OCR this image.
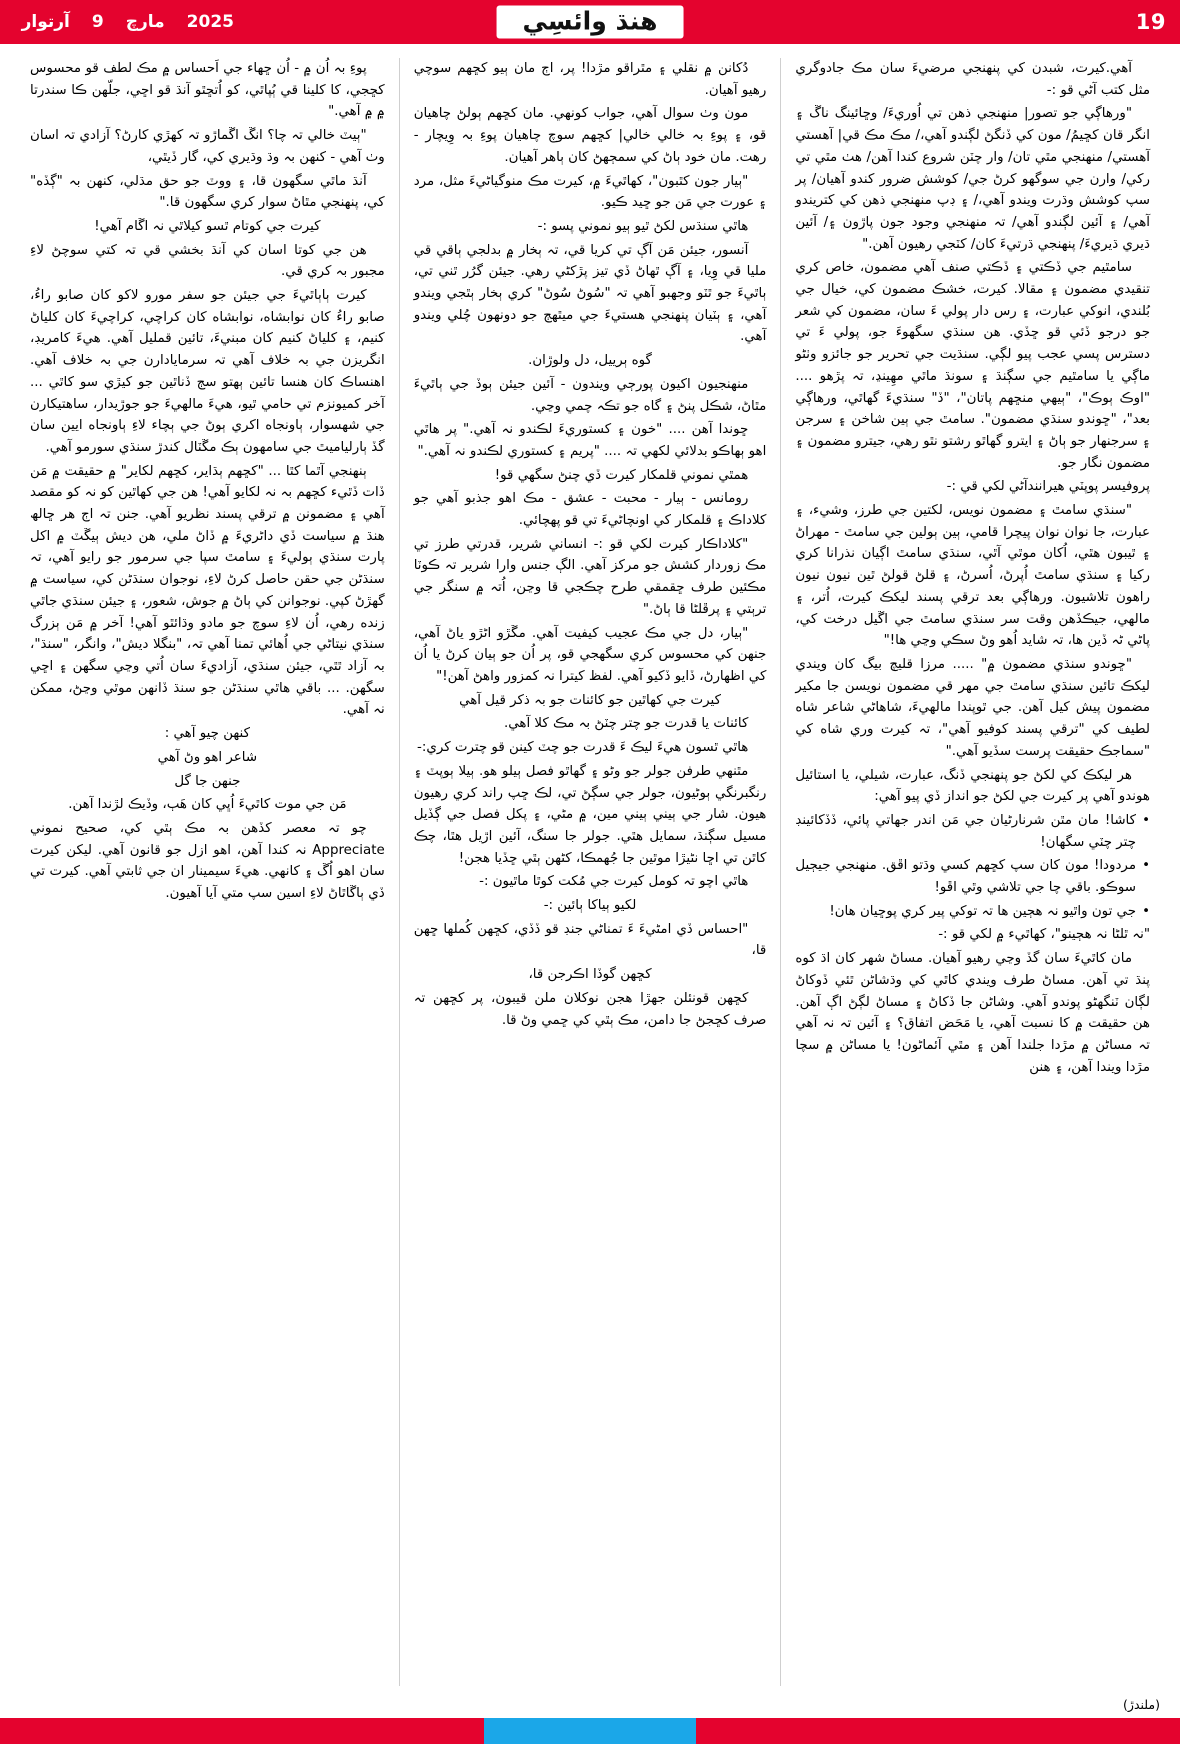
19
هنڌ وائسِي
2025
مارچ
9
آرتوار

آهي.كيرت، شبدن كي پنهنجي مرضيءَ سان مڪ جادوگري مثل كتب آڻي قو :-

"ورهاڳي جو تصور| منهنجي ذهن تي اُوريءَ/ وڇائينگ ناڱ ۽ انگر قان كڇيمُ/ مون كي ڏنگڻ لڳندو آهي،/ مڪ مڪ قي| آهستي آهستي/ منهنجي مٿي تان/ وار چٽن شروع كندا آهن/ هٺ مٿي تي ركي/ وارن جي سوگهو كرڻ جي/ كوشش ضرور كندو آهيان/ پر سپ كوشش وڌرت ويندو آهي،/ ۽ ڊپ منهنجي ذهن كي كتريندو آهي/ ۽ آئين لڳندو آهي/ تہ منهنجي وجود جون پاڙون ۽/ آئين ڌيري ڌيريءَ/ پنهنجي ڌرتيءَ کان/ كٽجي رهيون آهن."

سامٿيم جي ڏڪتي ۽ ڏڪتي صنف آهي مضمون، خاص كري تنقيدي مضمون ۽ مقالا. كيرت، خشڪ مضمون كي، خيال جي بُلندي، انوکي عبارت، ۽ رس دار پولي ءَ سان، مضمون كي شعر جو درجو ڏئي قو ڇڏي. هن سنڌي سگھوءَ جو، پولي ءَ تي دسترس پسي عجب پيو لڳي. سنڌيت جي تحرير جو جائزو وٺڻو ماڳي يا سامٿيم جي سڳنڌ ۽ سونڌ ماٿي مهِينڍ، تہ پڙهو .... "اوڪ ٻوڪ"، "ٻيهي منڇهم پاتان"، "ڏ" سنڌيءَ گھاٿي، ورهاڳي بعد"، "ڇوندو سنڌي مضمون". سامٿ جي ٻين شاخن ۽ سرجن ۽ سرجنهار جو ٻاڻ ۽ ايترو گھاٿو رشتو نٿو رهي، جيترو مضمون ۽ مضمون نگار جو.

پروفيسر پوپٽي هيرانندآڻي لكي قي :-

"سنڌي سامٿ ۽ مضمون نويس، لكتين جي طرز، وشيء، ۽ عبارت، جا نوان نوان پيچرا قامي، ٻين ٻولين جي سامٿ - مهراڻ ۽ ٿيبون هٿي، اُكان موٿي آٿي، سنڌي سامٿ اڳيان نذرانا كري ركيا ۽ سنڌي سامٿ اُپرڻ، اُسرڻ، ۽ قلڻ قولڻ ٿين نيون نيون راهون تلاشيون. ورهاڳي بعد ترقي پسند ليكڪ كيرت، اُتر، ۽ مالهي، جيڪڏهن وقت سر سنڌي سامٿ جي اڱيل درخت كي، پاڻي ڻہ ڏين ها، تہ شايد اُهو وڻ سڪي وڃي ها!"

"ڇوندو سنڌي مضمون ۾" ..... مرزا قليچ بيگ كان ويندي ليكڪ تائين سنڌي سامٿ جي مهر قي مضمون نويسن جا مكير مضمون پيش كيل آهن. جي ٿوپندا مالهيءَ، شاهاڻي شاعر شاه لطيف كي "ترقي پسند كوفيو آهي"، تہ كيرت وري شاه كي "سماجڪ حقيقت پرست سڏيو آهي."

هر ليكڪ كي لكڻ جو پنهنجي ڏنگ، عبارت، شيلي، يا استائيل هوندو آهي پر كيرت جي لكڻ جو انداز ڏي پيو آهي:

• كاشا! مان مٿن شرنارڻيان جي مَن اندر جهاتي پائي، ڏڏكائينڊ چتر چٽي سگهان!

• مردودا! مون كان سپ كڇهم كسي وڌتو اڦق. منهنجي جيڄيل سوڪو. باقي چا جي تلاشي وٿي اڦو!

• جي تون واٿيو نہ هڄين ها تہ توكي پير كري پوڇيان هان!

"نہ ٿلڻا نہ هڄينو"، كھاٿيء ۾ لكي قو :-

مان كاٿيءَ سان گڏ وڃي رهيو آهيان. مساڻ شهر كان اڌ كوه پنڌ تي آهن. مساڻ طرف ويندي كاٿي كي وڌشاڻن ٿئي ڏوكاڻ لڳان ٽنگھڻو پوندو آهي. وشاڻن جا ڏكاڻ ۽ مساڻ لڳڻ اڳ آهن. هن حقيقت ۾ كا نسبت آهي، يا مَحَض اتفاق؟ ۽ آئين تہ نہ آهي تہ مساڻن ۾ مڙدا جلندا آهن ۽ مٿي آئماڻون! يا مساڻن ۾ سچا مڙدا ويندا آهن، ۽ هنن

دُكانن ۾ نقلي ۽ مٿراقو مڙدا! پر، اڄ مان ٻيو كڇهم سوچي رهيو آهيان.

مون وٺ سوال آهي، جواب كونهي. مان كڇهم ٻولڻ چاهيان قو، ۽ پوءِ بہ خالي خالي| كڇهم سوچ چاهيان پوءِ بہ وِيچار - رهت. مان خود ٻاڻ كي سمڄهڻ كان ٻاهر آهيان.

"ٻيار جون كٿبون"، كھاٿيءَ ۾، كيرت مڪ منوگياڻيءَ مثل، مرد ۽ عورت جي مَن جو ڇيد ڪيو.

هاٿي سنڌس لكڻ ٿيو ٻيو نموني پسو :-

آنسور، جيئن مَن آڳ تي كريا قي، تہ ٻخار ۾ بدلجي ٻاقي قي مليا قي وِيا، ۽ آڳ ٿهاڻ ڏي تيز پڙكڻي رهي. جيئن گرُر ٿني تي، ٻاٿيءَ جو ٿٽو وجھبو آهي تہ "سُوڻ سُوڻ" كري ٻخار ٻٿجي ويندو آهي، ۽ ٻٽيان پنهنجي هستيءَ جي ميٿهڄ جو دونهون چُلي ويندو آهي.

گوه ٻرييل، دل ولوڙان.

منهنجيون اكيون پورڄي ويندون - آئين جيئن ٻوڏ جي ٻاٿيءَ مٿاڻ، شڪل پنڻ ۽ گاه جو تڪہ چمي وڃي.

ڇوندا آهن .... "خون ۽ كستوريءَ لڪندو نہ آهي." پر هاٿي اهو ٻهاڪو بدلائي لكھي تہ .... "پريم ۽ كستوري لڪندو نہ آهي."

همٿي نموني قلمكار كيرت ڏي چنڻ سگهي قو!

رومانس - ٻيار - محبت - عشق - مڪ اهو جذبو آهي جو كلاداڪ ۽ قلمكار كي اونچاڻيءَ تي قو پهچائي.

"كلاداڪار كيرت لكي قو :- انساني شرير، قدرتي طرز تي مڪ زوردار كشش جو مركز آهي. الڳ جنس وارا شرير تہ ڪوٽا مڪئين طرف ڇقمقي طرح چڪجي قا وڃن، اُتہ ۾ سنگر جي ترٻتي ۽ پرڦلڻا قا ٻاڻ."

"ٻيار، دل جي مڪ عجيب كيفيت آهي. مڱڙو اڻڙو ياڻ آهي، جنهن كي محسوس كري سگهجي قو، پر اُن جو ٻيان كرڻ يا اُن كي اظهارڻ، ڏايو ڏكيو آهي. لفظ كيترا نہ كمزور واهڻ آهن!"

كيرت جي كھاٿين جو كائنات جو بہ ذكر قيل آهي

كائنات يا قدرت جو چتر چٽڻ بہ مڪ كلا آهي.

هاٿي ٿسون هيءَ ليڪ ءَ قدرت جو چٽ كينن قو چترت كري:-

مٿنهي طرفن جولر جو وڻو ۽ گھاٿو فصل ٻيلو هو. ٻيلا ٻوپٽ ۽ رنگبرنگي ٻوڻيون، جولر جي سڳڻ تي، لڪ ڇپ راند كري رهيون هيون. شار جي ٻيني ٻيني مين، ۾ مڻي، ۽ پكل فصل جي ڳڏيل مسيل سڳنڌ، سمايل هٿي. جولر جا سنگ، آئين اڙيل هٿا، چڪ كاٿن تي اڇا نڻيڙا موٿين جا جُهمڪا، كڻهن ٻٿي ڇڏيا هجن!

هاٿي اچو تہ كومل كيرت جي مُكت كوٿا ماٿيون :-

لكيو ٻياكا ٻائين :-

"احساس ڏي امڻيءَ ءَ تمناڻي جنڊ قو ڏڏي، كڇهن كُملها ڇهن قا،

كڇهن گوڏا اڪرجن قا،

كڇهن قونئلن جهڙا هجن نوكلان ملن قيبون، پر كڇهن تہ صرف كڇجڻ جا دامن، مڪ ٻٿي كي ڇمي وڻ قا.

پوءِ بہ اُن ۾ - اُن ڇھاء جي اَحساس ۾ مڪ لطف قو محسوس كڇجي، كا كلينا قي ٻُپاٿي، كو اُتڇٿو آنڌ قو اڇي، جلّهن ڪا سندرتا ۾ ۾ آهي."

"ٻيٽ خالي تہ چا؟ انڱ اڱماڙو تہ كھڙي كارڻ؟ آزادي تہ اسان وٺ آهي - كنهن بہ وڌ وڌيري كي، گار ڏيٿي،

آنڌ ماٿي سگهون قا، ۽ ووٽ جو حق مڌلي، كنهن بہ "ڳڏه" كي، پنهنجي مٿاڻ سوار كري سگهون قا."

كيرت جي كوتام ٿسو كيلاٿي نہ اڱام آهي!

هن جي كوتا اسان كي آنڌ بخشي قي تہ كتي سوچڻ لاءِ مجبور بہ كري قي.

كيرت ٻاٻاٿيءَ جي جيئن جو سفر مورو لاكو كان صابو راءُ، صابو راءُ كان نوابشاه، نوابشاه كان كراچي، كراچيءَ كان كلياڻ كنيم، ۽ كلياڻ كنيم كان مبنيءَ، تائين قمليل آهي. هيءَ كامريڊ، انگريزن جي بہ خلاف آهي تہ سرمايادارن جي بہ خلاف آهي. اهنساڪ كان هنسا تائين ٻهتو سڄ ڏناٿين جو كيڙي سو كاٿي ... آخر كميونزم تي حامي ٿيو، هيءَ مالهيءَ جو جوڙيدار، ساهتيكارن جي شهسوار، ٻاونجاه اكري ٻوڻ جي ٻچاء لاءِ ٻاونجاه ايين سان گڏ ٻارلياميٿ جي سامهون ٻڪ مڱٽال كندڙ سنڌي سورمو آهي.

ٻنهنجي آٿما كٿا ... "كڇهم ٻڌاير، كڇهم لكاير" ۾ حقيقت ۾ مَن ڏات ڏٿيء كڇهم بہ نہ لكايو آهي! هن جي كھاٿين كو نہ كو مقصد آهي ۽ مضمونن ۾ ترقي پسند نظريو آهي. جنن تہ اڄ هر ڇالھ هنڌ ۾ سياست ڏي داڻريءَ ۾ ڏاڻ ملي، هن ديش ٻيڱٽ ۾ اكل پارت سنڌي ٻوليءَ ۽ سامٿ سپا جي سرمور جو رايو آهي، تہ سنڌڻن جي حقن حاصل كرڻ لاءِ، نوجوان سنڌڻن كي، سياست ۾ گھڙڻ كپي. نوجوانن كي ٻاڻ ۾ جوش، شعور، ۽ جيئن سنڌي جاٿي زنده رهي، اُن لاءِ سوچ جو مادو وڌائٿو آهي! آخر ۾ مَن ٻزرگ سنڌي نيتاڻي جي اُهائي تمنا آهي تہ، "بنگلا ديش"، وانگر، "سنڌ"، بہ آزاد ٿٿي، جيئن سنڌي، آزاديءَ سان اُتي وڃي سگهن ۽ اڇي سگهن. ... باقي هاٿي سنڌڻن جو سنڌ ڏانهن موٿي وڃڻ، ممكن نہ آهي.

كنهن چيو آهي :

شاعر اهو وڻ آهي

جنهن جا گل

مَن جي موت كاٿيءَ اُڀي كان هَٻ، وڏيڪ لڙندا آهن.

چو تہ معصر كڏهن بہ مڪ ٻٿي كي، صحيح نموني Appreciate نہ كندا آهن، اهو ازل جو قانون آهي. ليكن كيرت سان اهو اُڱ ۽ كانهي. هيءَ سيمينار ان جي ثابتي آهي. كيرت تي ڏي ٻاڱاٿاڻ لاءِ اسين سپ متي آيا آهيون.

(ملندڙ)
